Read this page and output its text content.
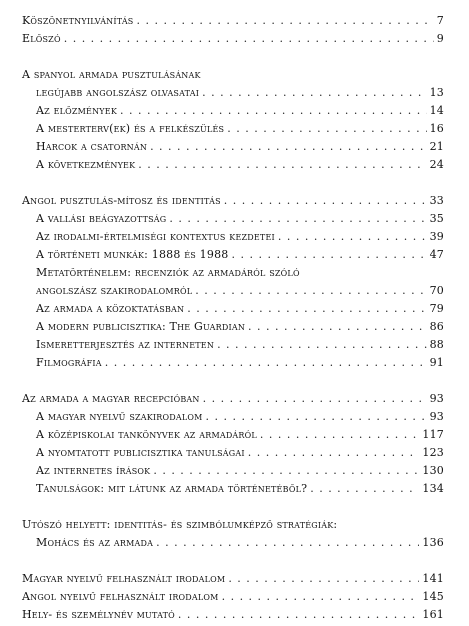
Köszönetnyilvánítás . . .	7
Előszó . . .	9
A spanyol armada pusztulásának
legújabb angolszász olvasatai . . .	13
Az előzmények . . .	14
A mesterterv(ek) és a felkészülés . . .	16
Harcok a csatornán . . .	21
A következmények . . .	24
Angol pusztulás-mítosz és identitás . . .	33
A vallási beágyazottság . . .	35
Az irodalmi-értelmiségi kontextus kezdetei . . .	39
A történeti munkák: 1888 és 1988 . . .	47
Metatörténelem: recenziók az armadáról szóló
angolszász szakirodalomról . . .	70
Az armada a közoktatásban . . .	79
A modern publicisztika: The Guardian . . .	86
Ismeretterjesztés az interneten . . .	88
Filmográfia . . .	91
Az armada a magyar recepcióban . . .	93
A magyar nyelvű szakirodalom . . .	93
A középiskolai tankönyvek az armadáról . . .	117
A nyomtatott publicisztika tanulságai . . .	123
Az internetes írások . . .	130
Tanulságok: mit látunk az armada történetéből? . . .	134
Utószó helyett: identitás- és szimbólumképző stratégiák:
Mohács és az armada . . .	136
Magyar nyelvű felhasznált irodalom . . .	141
Angol nyelvű felhasznált irodalom . . .	145
Hely- és személynév mutató . . .	161
